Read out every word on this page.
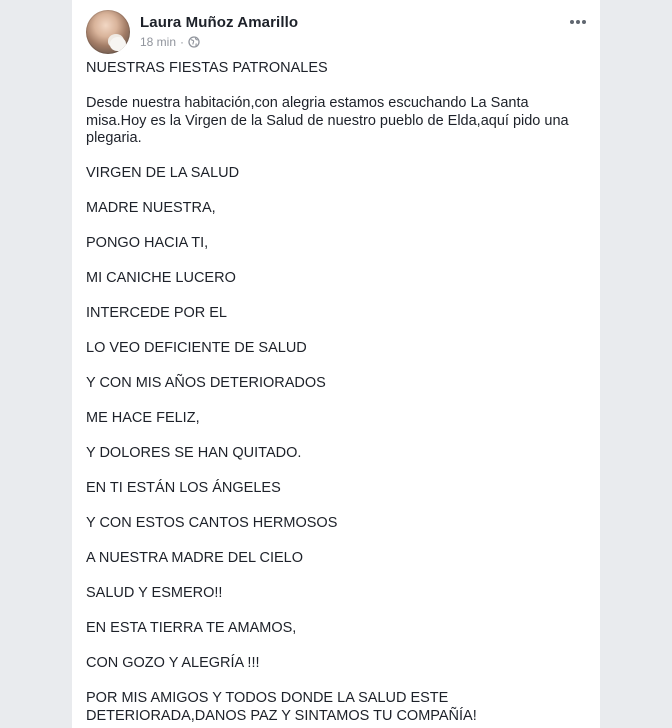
Laura Muñoz Amarillo
18 min ·

NUESTRAS FIESTAS PATRONALES

Desde nuestra habitación,con alegria estamos escuchando La Santa misa.Hoy es la Virgen de la Salud de nuestro pueblo de Elda,aquí pido una plegaria.

VIRGEN DE LA SALUD

MADRE NUESTRA,

PONGO HACIA TI,

MI CANICHE LUCERO

INTERCEDE POR EL

LO VEO DEFICIENTE DE SALUD

Y CON MIS AÑOS DETERIORADOS

ME HACE FELIZ,

Y DOLORES SE HAN QUITADO.

EN TI ESTÁN LOS ÁNGELES

Y CON ESTOS CANTOS HERMOSOS

A NUESTRA MADRE DEL CIELO

SALUD Y ESMERO!!

EN ESTA TIERRA TE AMAMOS,

CON GOZO Y ALEGRÍA !!!

POR MIS AMIGOS Y TODOS DONDE LA SALUD ESTE DETERIORADA,DANOS PAZ Y SINTAMOS TU COMPAÑÍA!
